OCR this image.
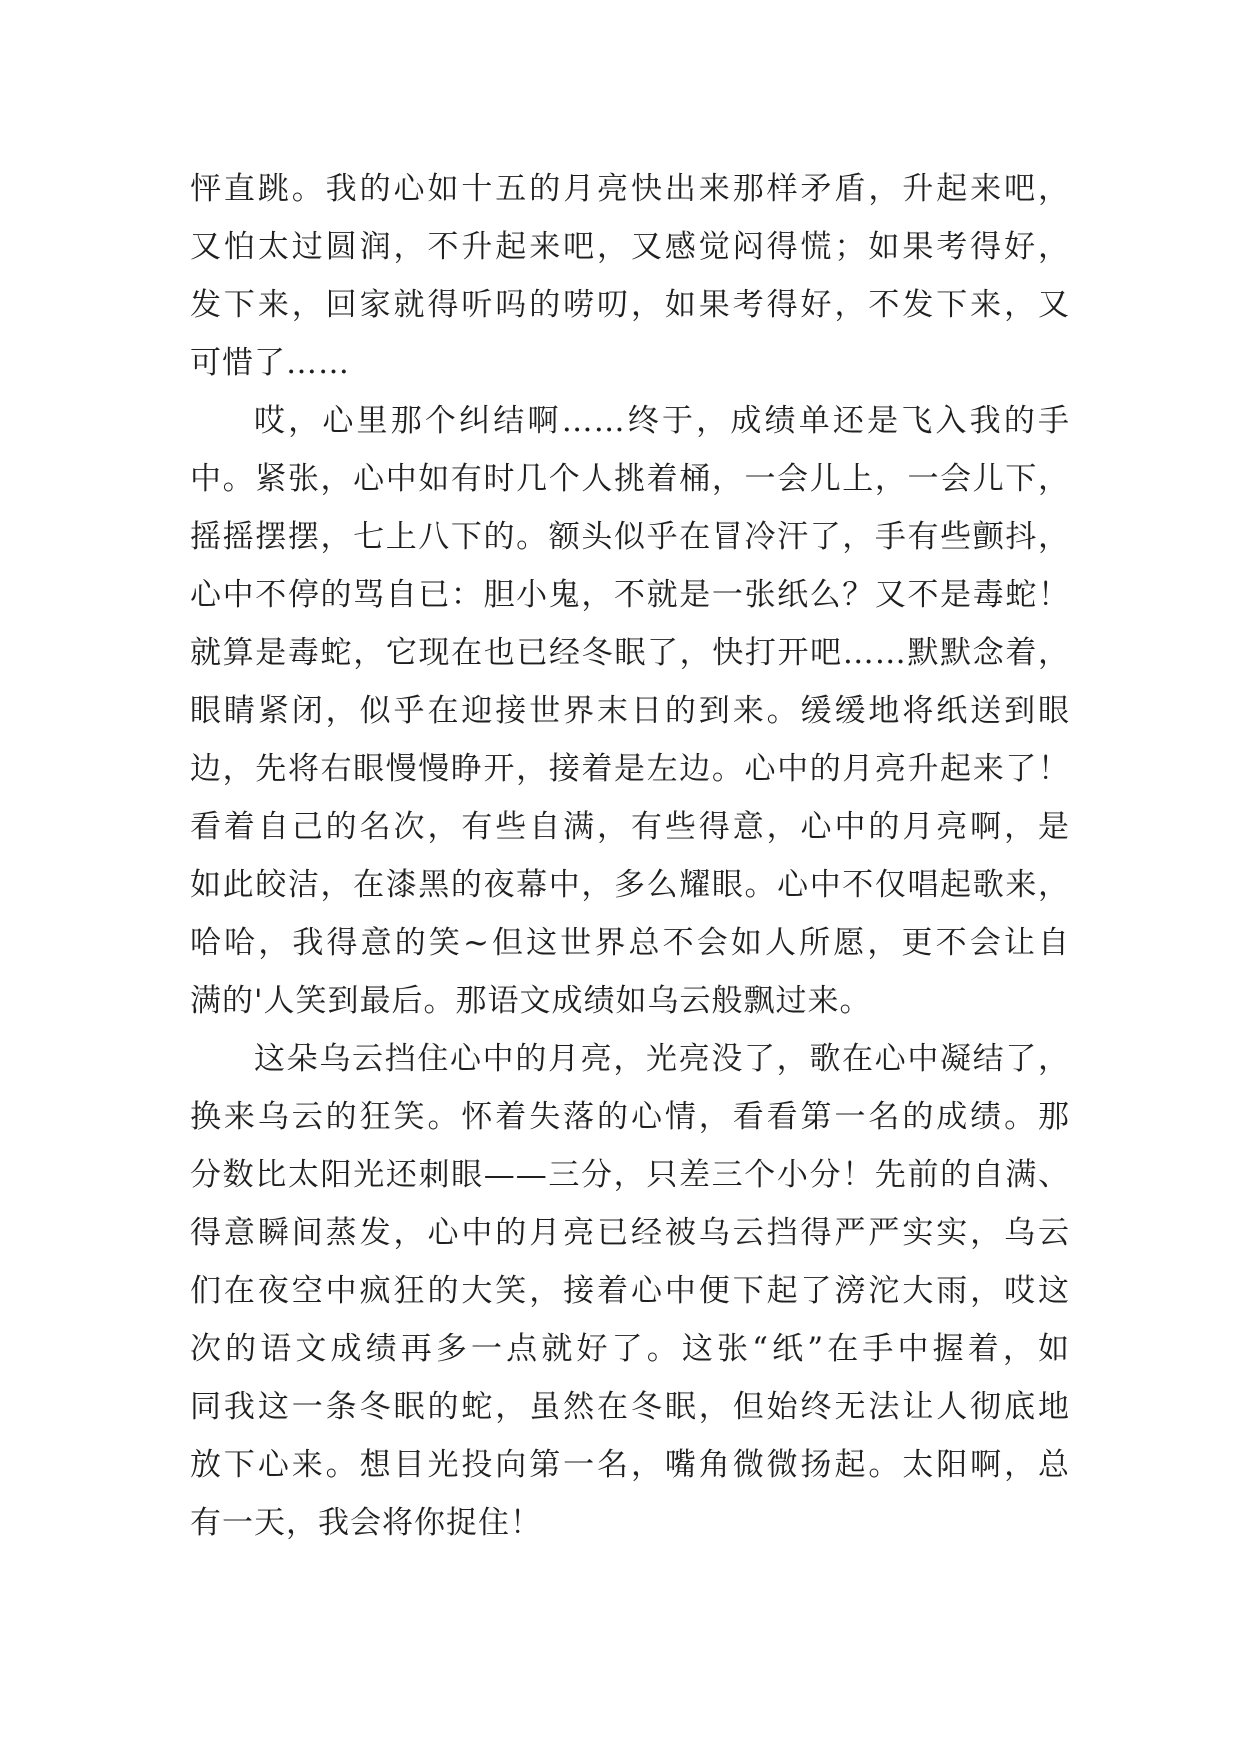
怦直跳。我的心如十五的月亮快出来那样矛盾，升起来吧，
又怕太过圆润，不升起来吧，又感觉闷得慌；如果考得好，
发下来，回家就得听吗的唠叨，如果考得好，不发下来，又
可惜了……
哎，心里那个纠结啊……终于，成绩单还是飞入我的手
中。紧张，心中如有时几个人挑着桶，一会儿上，一会儿下，
摇摇摆摆，七上八下的。额头似乎在冒冷汗了，手有些颤抖，
心中不停的骂自已：胆小鬼，不就是一张纸么？又不是毒蛇！
就算是毒蛇，它现在也已经冬眠了，快打开吧……默默念着，
眼睛紧闭，似乎在迎接世界末日的到来。缓缓地将纸送到眼
边，先将右眼慢慢睁开，接着是左边。心中的月亮升起来了！
看着自己的名次，有些自满，有些得意，心中的月亮啊，是
如此皎洁，在漆黑的夜幕中，多么耀眼。心中不仅唱起歌来，
哈哈，我得意的笑~但这世界总不会如人所愿，更不会让自
满的'人笑到最后。那语文成绩如乌云般飘过来。
这朵乌云挡住心中的月亮，光亮没了，歌在心中凝结了，
换来乌云的狂笑。怀着失落的心情，看看第一名的成绩。那
分数比太阳光还刺眼——三分，只差三个小分！先前的自满、
得意瞬间蒸发，心中的月亮已经被乌云挡得严严实实，乌云
们在夜空中疯狂的大笑，接着心中便下起了滂沱大雨，哎这
次的语文成绩再多一点就好了。这张“纸”在手中握着，如
同我这一条冬眠的蛇，虽然在冬眠，但始终无法让人彻底地
放下心来。想目光投向第一名，嘴角微微扬起。太阳啊，总
有一天，我会将你捉住！
